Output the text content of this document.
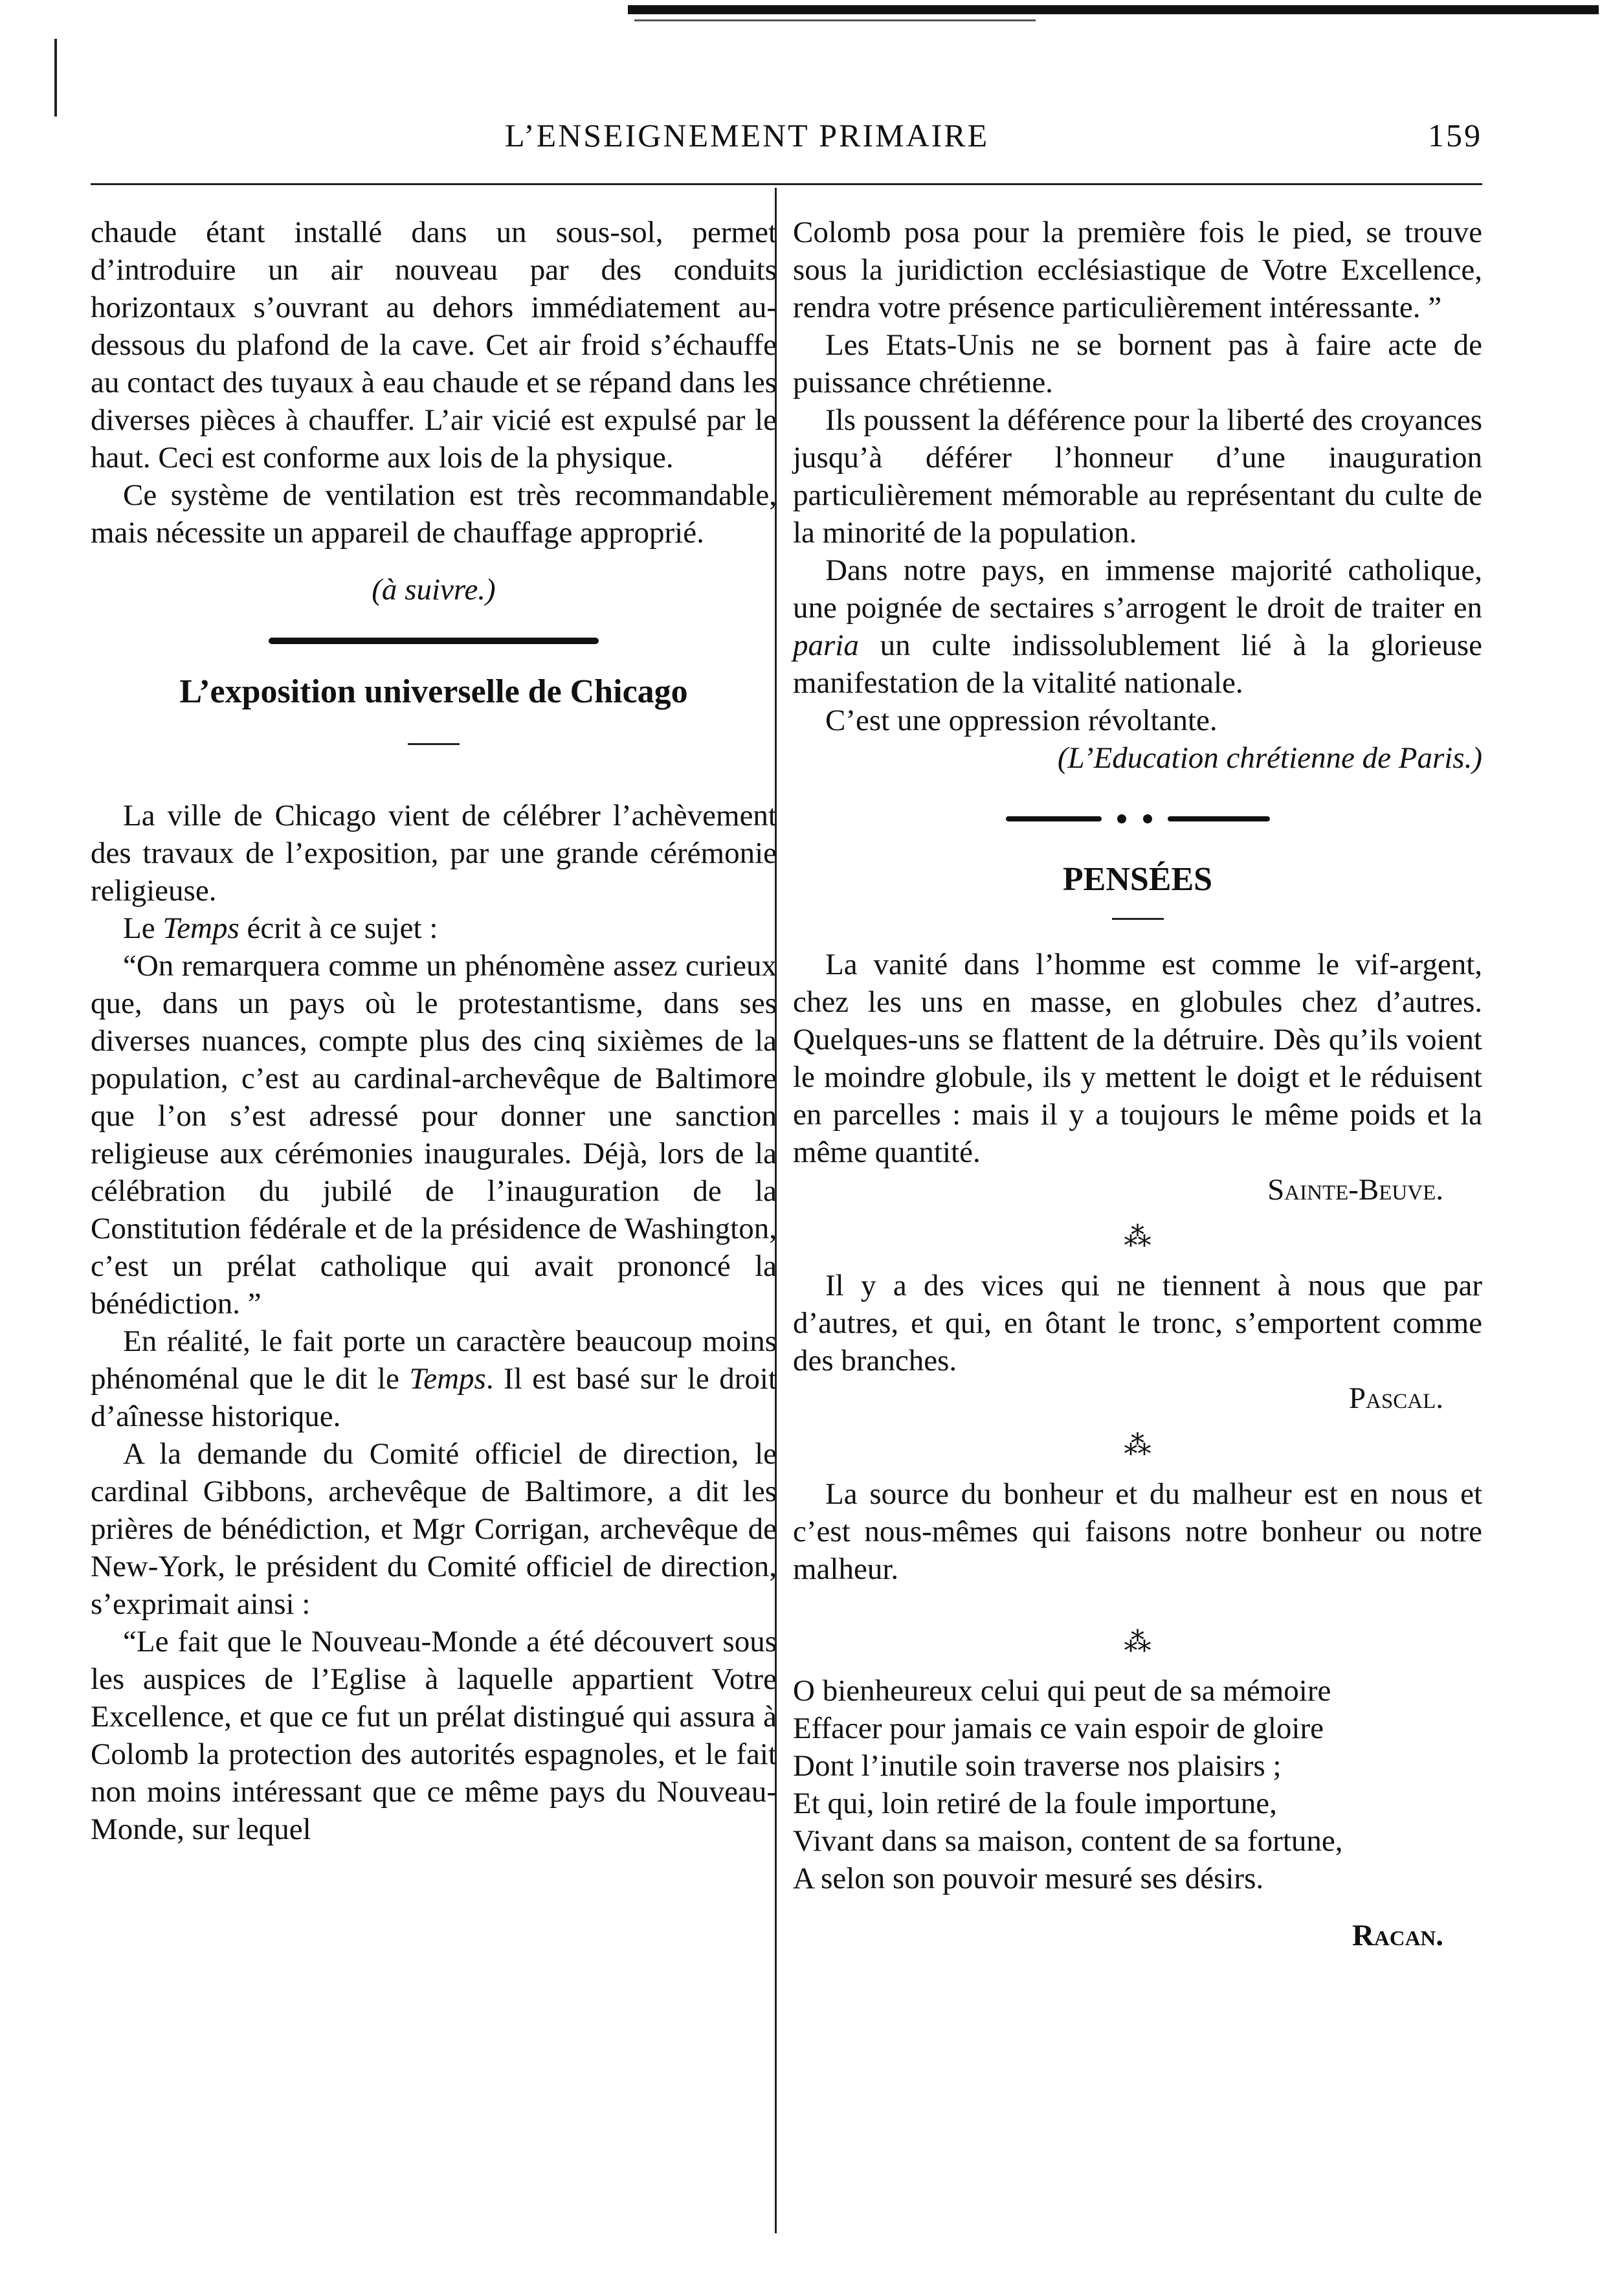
L’ENSEIGNEMENT PRIMAIRE	159

chaude étant installé dans un sous-sol, permet d’introduire un air nouveau par des conduits horizontaux s’ouvrant au dehors immédiatement au-dessous du plafond de la cave. Cet air froid s’échauffe au contact des tuyaux à eau chaude et se répand dans les diverses pièces à chauffer. L’air vicié est expulsé par le haut. Ceci est conforme aux lois de la physique.

Ce système de ventilation est très recommandable, mais nécessite un appareil de chauffage approprié.

(à suivre.)

L’exposition universelle de Chicago

La ville de Chicago vient de célébrer l’achèvement des travaux de l’exposition, par une grande cérémonie religieuse.

Le Temps écrit à ce sujet :

“On remarquera comme un phénomène assez curieux que, dans un pays où le protestantisme, dans ses diverses nuances, compte plus des cinq sixièmes de la population, c’est au cardinal-archevêque de Baltimore que l’on s’est adressé pour donner une sanction religieuse aux cérémonies inaugurales. Déjà, lors de la célébration du jubilé de l’inauguration de la Constitution fédérale et de la présidence de Washington, c’est un prélat catholique qui avait prononcé la bénédiction. ”

En réalité, le fait porte un caractère beaucoup moins phénoménal que le dit le Temps. Il est basé sur le droit d’aînesse historique.

A la demande du Comité officiel de direction, le cardinal Gibbons, archevêque de Baltimore, a dit les prières de bénédiction, et Mgr Corrigan, archevêque de New-York, le président du Comité officiel de direction, s’exprimait ainsi :

“Le fait que le Nouveau-Monde a été découvert sous les auspices de l’Eglise à laquelle appartient Votre Excellence, et que ce fut un prélat distingué qui assura à Colomb la protection des autorités espagnoles, et le fait non moins intéressant que ce même pays du Nouveau-Monde, sur lequel

Colomb posa pour la première fois le pied, se trouve sous la juridiction ecclésiastique de Votre Excellence, rendra votre présence particulièrement intéressante. ”

Les Etats-Unis ne se bornent pas à faire acte de puissance chrétienne.

Ils poussent la déférence pour la liberté des croyances jusqu’à déférer l’honneur d’une inauguration particulièrement mémorable au représentant du culte de la minorité de la population.

Dans notre pays, en immense majorité catholique, une poignée de sectaires s’arrogent le droit de traiter en paria un culte indissolublement lié à la glorieuse manifestation de la vitalité nationale.

C’est une oppression révoltante.

(L’Education chrétienne de Paris.)

PENSÉES

La vanité dans l’homme est comme le vif-argent, chez les uns en masse, en globules chez d’autres. Quelques-uns se flattent de la détruire. Dès qu’ils voient le moindre globule, ils y mettent le doigt et le réduisent en parcelles : mais il y a toujours le même poids et la même quantité.

Sainte-Beuve.
⁂

Il y a des vices qui ne tiennent à nous que par d’autres, et qui, en ôtant le tronc, s’emportent comme des branches.

Pascal.
⁂

La source du bonheur et du malheur est en nous et c’est nous-mêmes qui faisons notre bonheur ou notre malheur.

⁂

O bienheureux celui qui peut de sa mémoire

Effacer pour jamais ce vain espoir de gloire

Dont l’inutile soin traverse nos plaisirs ;

Et qui, loin retiré de la foule importune,

Vivant dans sa maison, content de sa fortune,

A selon son pouvoir mesuré ses désirs.

Racan.
